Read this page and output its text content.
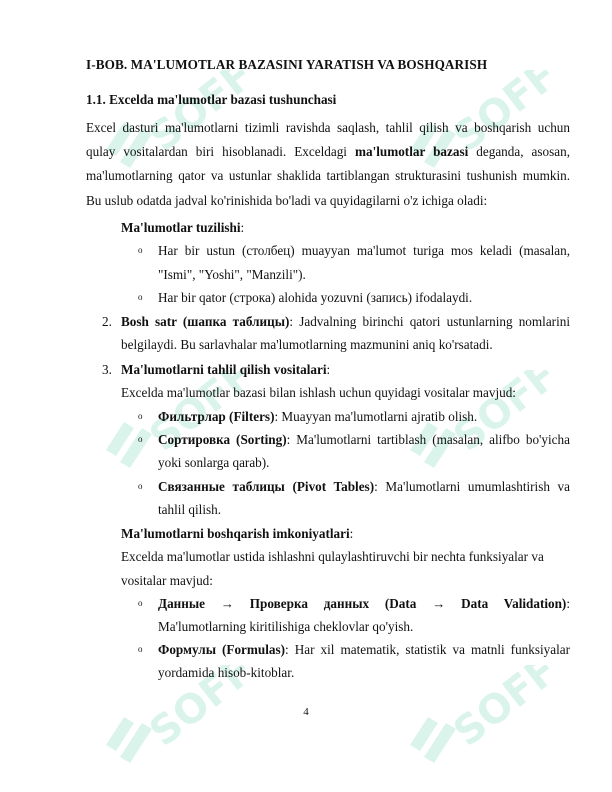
SOFF	SOFF
SOFF	SOFF
SOFF	SOFF
I-BOB. MA'LUMOTLAR BAZASINI YARATISH VA BOSHQARISH
1.1. Excelda ma'lumotlar bazasi tushunchasi

Excel dasturi ma'lumotlarni tizimli ravishda saqlash, tahlil qilish va boshqarish uchun qulay vositalardan biri hisoblanadi. Exceldagi ma'lumotlar bazasi deganda, asosan, ma'lumotlarning qator va ustunlar shaklida tartiblangan strukturasini tushunish mumkin. Bu uslub odatda jadval ko'rinishida bo'ladi va quyidagilarni o'z ichiga oladi:

Ma'lumotlar tuzilishi:

o Har bir ustun (столбец) muayyan ma'lumot turiga mos keladi (masalan, "Ismi", "Yoshi", "Manzili").
o Har bir qator (строка) alohida yozuvni (запись) ifodalaydi.
2. Bosh satr (шапка таблицы): Jadvalning birinchi qatori ustunlarning nomlarini belgilaydi. Bu sarlavhalar ma'lumotlarning mazmunini aniq ko'rsatadi.

3. Ma'lumotlarni tahlil qilish vositalari:

Excelda ma'lumotlar bazasi bilan ishlash uchun quyidagi vositalar mavjud:

o Фильтрлар (Filters): Muayyan ma'lumotlarni ajratib olish.
o Сортировка (Sorting): Ma'lumotlarni tartiblash (masalan, alifbo bo'yicha yoki sonlarga qarab).
o Связанные таблицы (Pivot Tables): Ma'lumotlarni umumlashtirish va tahlil qilish.

Ma'lumotlarni boshqarish imkoniyatlari:

Excelda ma'lumotlar ustida ishlashni qulaylashtiruvchi bir nechta funksiyalar va vositalar mavjud:
o Данные → Проверка данных (Data → Data Validation): Ma'lumotlarning kiritilishiga cheklovlar qo'yish.
o Формулы (Formulas): Har xil matematik, statistik va matnli funksiyalar yordamida hisob-kitoblar.
4
